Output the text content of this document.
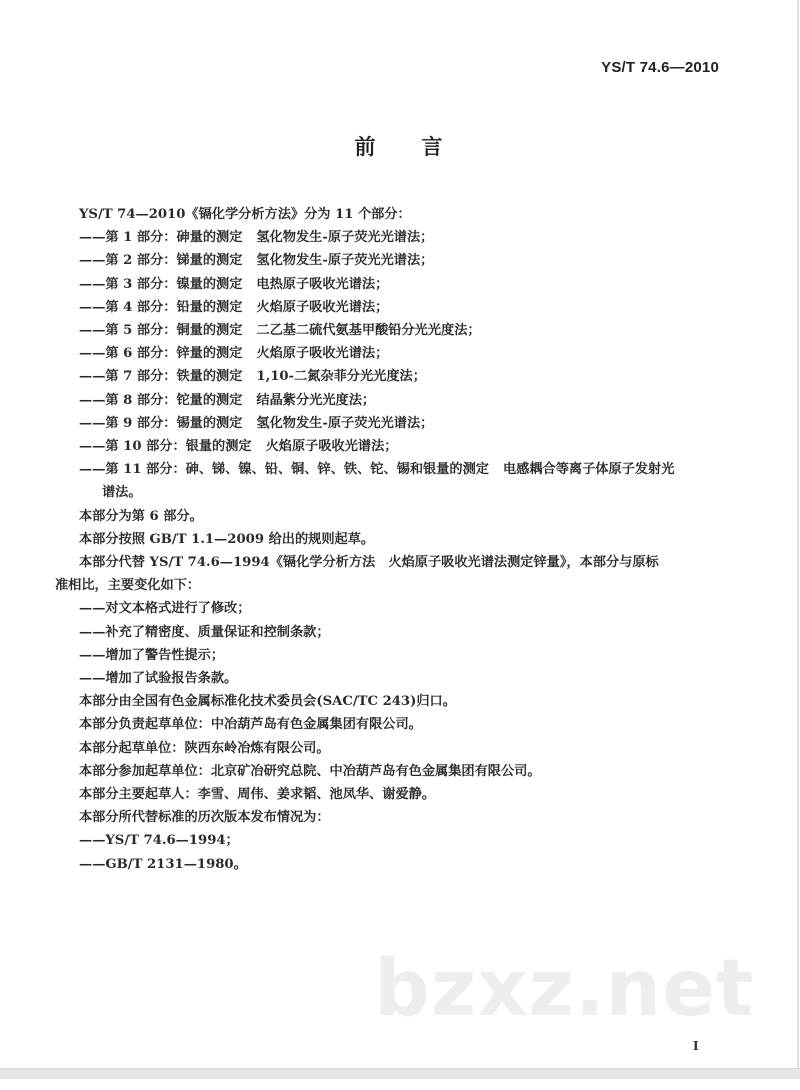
YS/T 74.6—2010
前 言
YS/T 74—2010《镉化学分析方法》分为 11 个部分：
——第 1 部分：砷量的测定 氢化物发生-原子荧光光谱法；
——第 2 部分：锑量的测定 氢化物发生-原子荧光光谱法；
——第 3 部分：镍量的测定 电热原子吸收光谱法；
——第 4 部分：铅量的测定 火焰原子吸收光谱法；
——第 5 部分：铜量的测定 二乙基二硫代氨基甲酸铅分光光度法；
——第 6 部分：锌量的测定 火焰原子吸收光谱法；
——第 7 部分：铁量的测定 1,10-二氮杂菲分光光度法；
——第 8 部分：铊量的测定 结晶紫分光光度法；
——第 9 部分：锡量的测定 氢化物发生-原子荧光光谱法；
——第 10 部分：银量的测定 火焰原子吸收光谱法；
——第 11 部分：砷、锑、镍、铅、铜、锌、铁、铊、锡和银量的测定 电感耦合等离子体原子发射光
谱法。
本部分为第 6 部分。
本部分按照 GB/T 1.1—2009 给出的规则起草。
本部分代替 YS/T 74.6—1994《镉化学分析方法　火焰原子吸收光谱法测定锌量》，本部分与原标
准相比，主要变化如下：
——对文本格式进行了修改；
——补充了精密度、质量保证和控制条款；
——增加了警告性提示；
——增加了试验报告条款。
本部分由全国有色金属标准化技术委员会(SAC/TC 243)归口。
本部分负责起草单位：中冶葫芦岛有色金属集团有限公司。
本部分起草单位：陕西东岭冶炼有限公司。
本部分参加起草单位：北京矿冶研究总院、中冶葫芦岛有色金属集团有限公司。
本部分主要起草人：李雪、周伟、姜求韬、池凤华、谢爱静。
本部分所代替标准的历次版本发布情况为：
——YS/T 74.6—1994；
——GB/T 2131—1980。
bzxz.net
I
